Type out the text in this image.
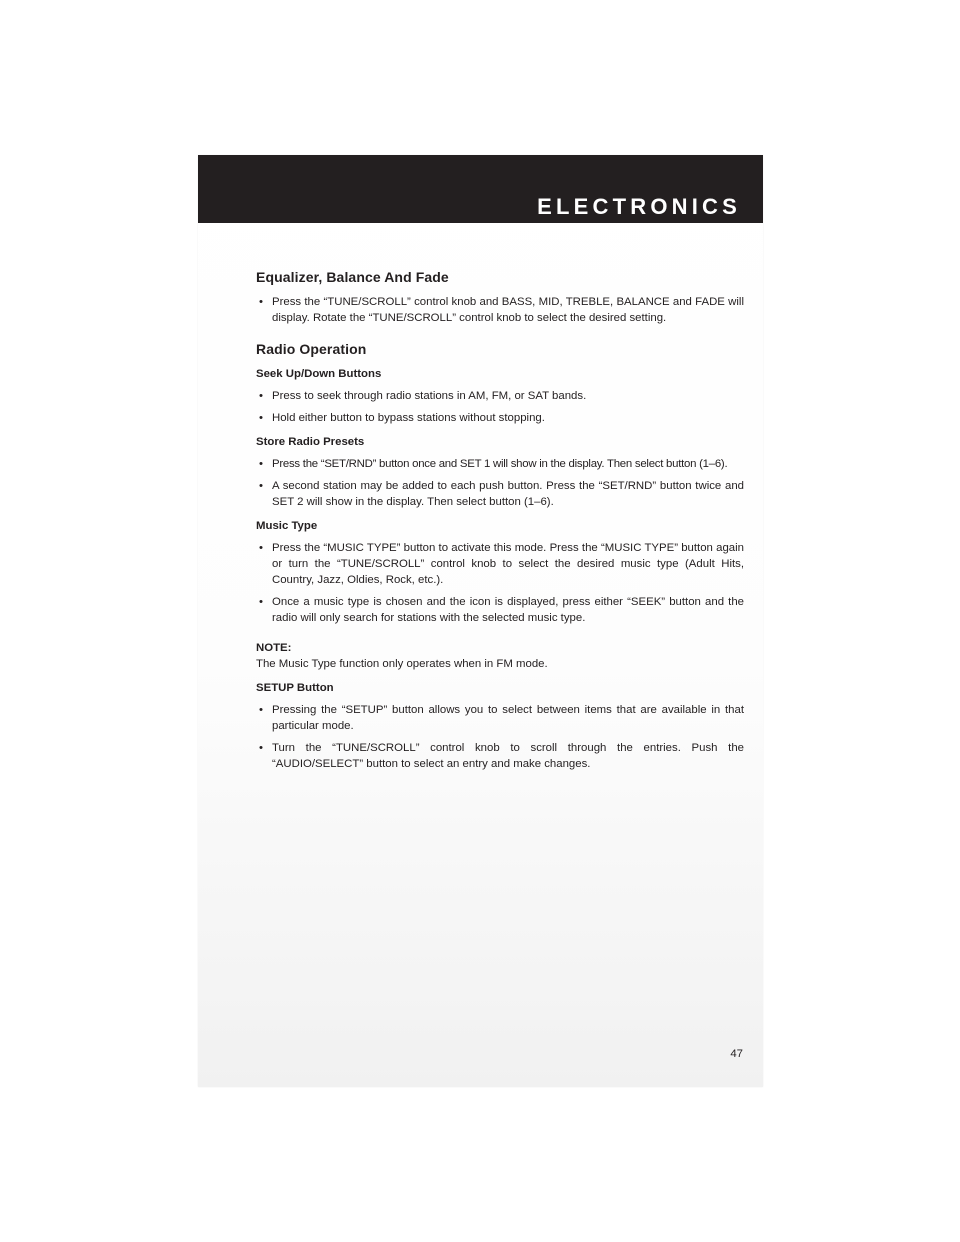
ELECTRONICS
Equalizer, Balance And Fade
• Press the “TUNE/SCROLL” control knob and BASS, MID, TREBLE, BALANCE and FADE will display. Rotate the “TUNE/SCROLL” control knob to select the desired setting.
Radio Operation
Seek Up/Down Buttons
• Press to seek through radio stations in AM, FM, or SAT bands.
• Hold either button to bypass stations without stopping.
Store Radio Presets
• Press the “SET/RND” button once and SET 1 will show in the display. Then select button (1–6).
• A second station may be added to each push button. Press the “SET/RND” button twice and SET 2 will show in the display. Then select button (1–6).
Music Type
• Press the “MUSIC TYPE” button to activate this mode. Press the “MUSIC TYPE” button again or turn the “TUNE/SCROLL” control knob to select the desired music type (Adult Hits, Country, Jazz, Oldies, Rock, etc.).
• Once a music type is chosen and the icon is displayed, press either “SEEK” button and the radio will only search for stations with the selected music type.
NOTE:

The Music Type function only operates when in FM mode.

SETUP Button
• Pressing the “SETUP” button allows you to select between items that are available in that particular mode.
• Turn the “TUNE/SCROLL” control knob to scroll through the entries. Push the “AUDIO/SELECT” button to select an entry and make changes.
47
